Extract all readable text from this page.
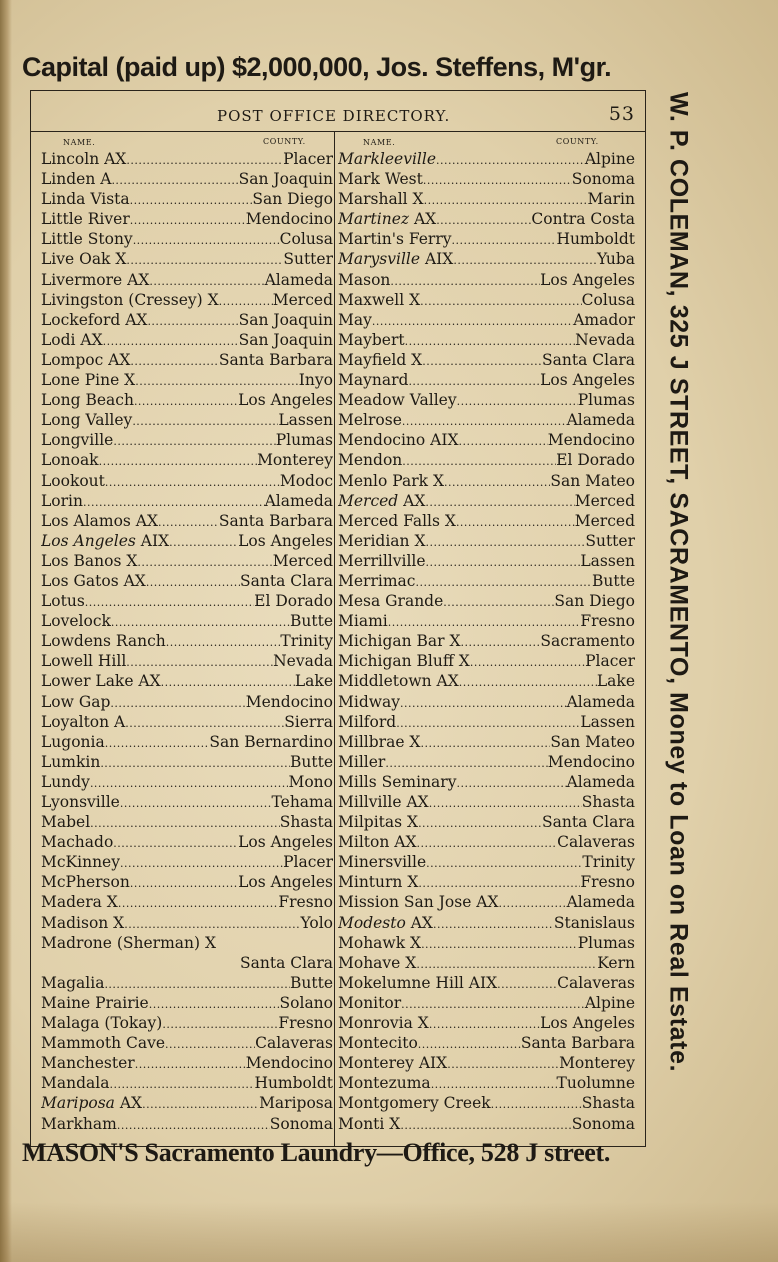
Capital (paid up) $2,000,000, Jos. Steffens, M'gr.
W. P. COLEMAN, 325 J STREET, SACRAMENTO, Money to Loan on Real Estate.
POST OFFICE DIRECTORY.	53
NAME.	COUNTY.
Lincoln AX .....	Placer
Linden A .....	San Joaquin
Linda Vista .....	San Diego
Little River .....	Mendocino
Little Stony .....	Colusa
Live Oak X .....	Sutter
Livermore AX .....	Alameda
Livingston (Cressey) X .....	Merced
Lockeford AX .....	San Joaquin
Lodi AX .....	San Joaquin
Lompoc AX .....	Santa Barbara
Lone Pine X .....	Inyo
Long Beach .....	Los Angeles
Long Valley .....	Lassen
Longville .....	Plumas
Lonoak .....	Monterey
Lookout .....	Modoc
Lorin .....	Alameda
Los Alamos AX .....	Santa Barbara
Los Angeles AIX .....	Los Angeles
Los Banos X .....	Merced
Los Gatos AX .....	Santa Clara
Lotus .....	El Dorado
Lovelock .....	Butte
Lowdens Ranch .....	Trinity
Lowell Hill .....	Nevada
Lower Lake AX .....	Lake
Low Gap .....	Mendocino
Loyalton A .....	Sierra
Lugonia .....	San Bernardino
Lumkin .....	Butte
Lundy .....	Mono
Lyonsville .....	Tehama
Mabel .....	Shasta
Machado .....	Los Angeles
McKinney .....	Placer
McPherson .....	Los Angeles
Madera X .....	Fresno
Madison X .....	Yolo
Madrone (Sherman) X
Santa Clara
Magalia .....	Butte
Maine Prairie .....	Solano
Malaga (Tokay) .....	Fresno
Mammoth Cave .....	Calaveras
Manchester .....	Mendocino
Mandala .....	Humboldt
Mariposa AX .....	Mariposa
Markham .....	Sonoma
NAME.	COUNTY.
Markleeville .....	Alpine
Mark West .....	Sonoma
Marshall X .....	Marin
Martinez AX .....	Contra Costa
Martin's Ferry .....	Humboldt
Marysville AIX .....	Yuba
Mason .....	Los Angeles
Maxwell X .....	Colusa
May .....	Amador
Maybert .....	Nevada
Mayfield X .....	Santa Clara
Maynard .....	Los Angeles
Meadow Valley .....	Plumas
Melrose .....	Alameda
Mendocino AIX .....	Mendocino
Mendon .....	El Dorado
Menlo Park X .....	San Mateo
Merced AX .....	Merced
Merced Falls X .....	Merced
Meridian X .....	Sutter
Merrillville .....	Lassen
Merrimac .....	Butte
Mesa Grande .....	San Diego
Miami .....	Fresno
Michigan Bar X .....	Sacramento
Michigan Bluff X .....	Placer
Middletown AX .....	Lake
Midway .....	Alameda
Milford .....	Lassen
Millbrae X .....	San Mateo
Miller .....	Mendocino
Mills Seminary .....	Alameda
Millville AX .....	Shasta
Milpitas X .....	Santa Clara
Milton AX .....	Calaveras
Minersville .....	Trinity
Minturn X .....	Fresno
Mission San Jose AX .....	Alameda
Modesto AX .....	Stanislaus
Mohawk X .....	Plumas
Mohave X .....	Kern
Mokelumne Hill AIX .....	Calaveras
Monitor .....	Alpine
Monrovia X .....	Los Angeles
Montecito .....	Santa Barbara
Monterey AIX .....	Monterey
Montezuma .....	Tuolumne
Montgomery Creek .....	Shasta
Monti X .....	Sonoma
MASON'S Sacramento Laundry—Office, 528 J street.
